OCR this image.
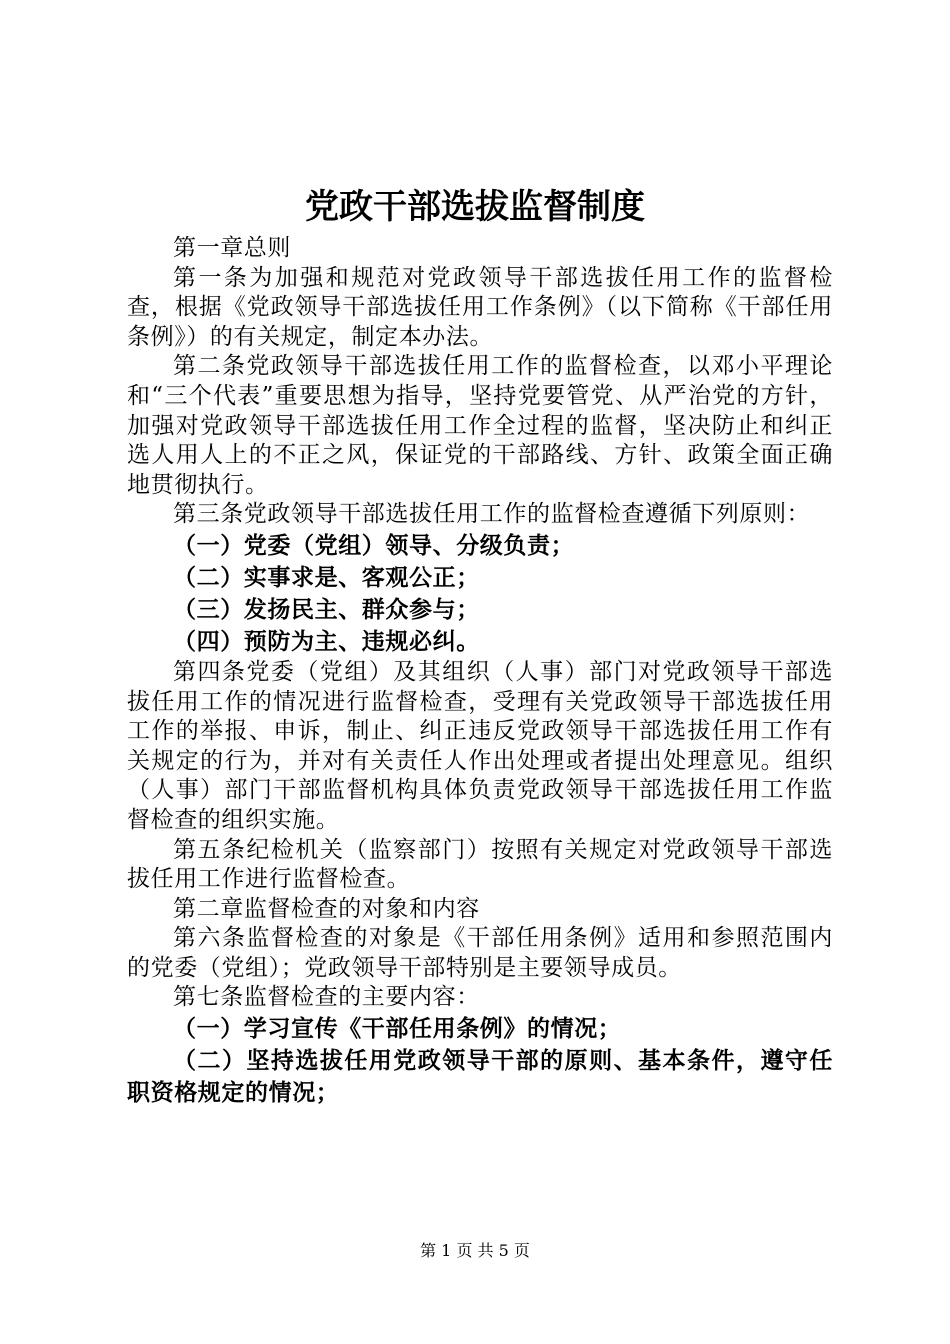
党政干部选拔监督制度

第一章总则

第一条为加强和规范对党政领导干部选拔任用工作的监督检查，根据《党政领导干部选拔任用工作条例》（以下简称《干部任用条例》）的有关规定，制定本办法。

第二条党政领导干部选拔任用工作的监督检查，以邓小平理论和“三个代表”重要思想为指导，坚持党要管党、从严治党的方针，加强对党政领导干部选拔任用工作全过程的监督，坚决防止和纠正选人用人上的不正之风，保证党的干部路线、方针、政策全面正确地贯彻执行。

第三条党政领导干部选拔任用工作的监督检查遵循下列原则：

（一）党委（党组）领导、分级负责；

（二）实事求是、客观公正；

（三）发扬民主、群众参与；

（四）预防为主、违规必纠。

第四条党委（党组）及其组织（人事）部门对党政领导干部选拔任用工作的情况进行监督检查，受理有关党政领导干部选拔任用工作的举报、申诉，制止、纠正违反党政领导干部选拔任用工作有关规定的行为，并对有关责任人作出处理或者提出处理意见。组织（人事）部门干部监督机构具体负责党政领导干部选拔任用工作监督检查的组织实施。

第五条纪检机关（监察部门）按照有关规定对党政领导干部选拔任用工作进行监督检查。

第二章监督检查的对象和内容

第六条监督检查的对象是《干部任用条例》适用和参照范围内的党委（党组）；党政领导干部特别是主要领导成员。

第七条监督检查的主要内容：

（一）学习宣传《干部任用条例》的情况；

（二）坚持选拔任用党政领导干部的原则、基本条件，遵守任职资格规定的情况；

第 1 页 共 5 页
